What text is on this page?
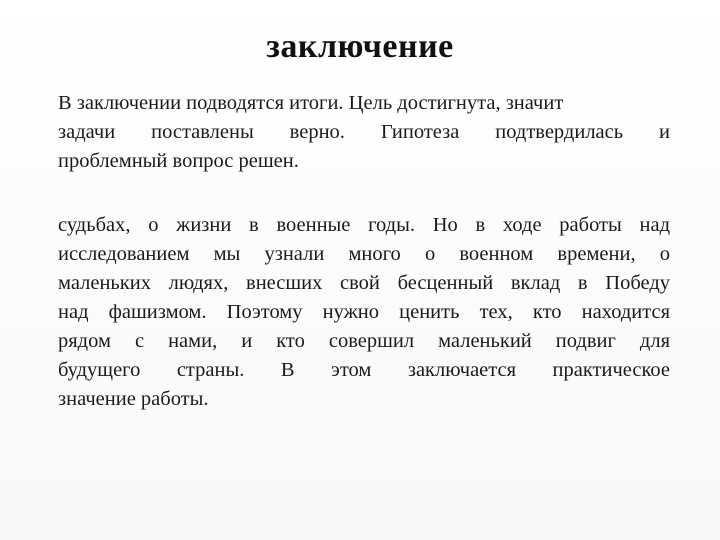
заключение
В заключении подводятся итоги. Цель достигнута, значит
задачи поставлены верно. Гипотеза подтвердилась и
проблемный вопрос решен.
судьбах, о жизни в военные годы. Но в ходе работы над
исследованием мы узнали много о военном времени, о
маленьких людях, внесших свой бесценный вклад в Победу
над фашизмом. Поэтому нужно ценить тех, кто находится
рядом с нами, и кто совершил маленький подвиг для
будущего страны. В этом заключается практическое
значение работы.
